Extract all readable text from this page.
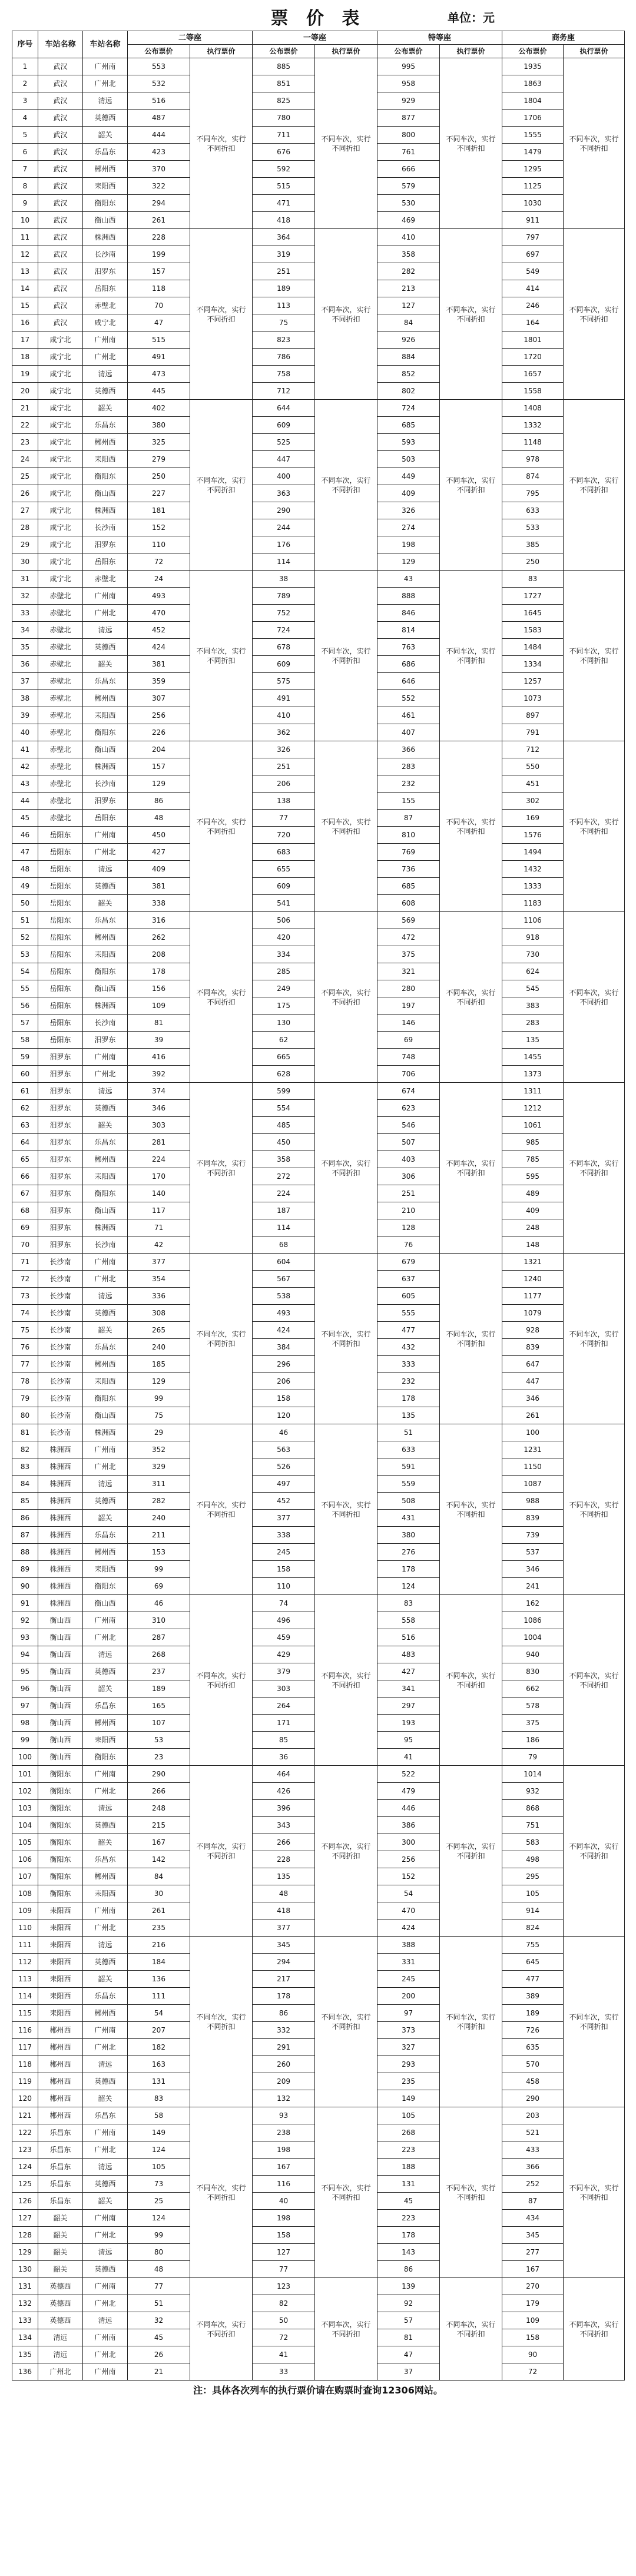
票 价 表	单位：元
序号	车站名称	车站名称	二等座		一等座		特等座		商务座	
			公布票价	执行票价	公布票价	执行票价	公布票价	执行票价	公布票价	执行票价
1	武汉	广州南	553	不同车次，实行不同折扣	885	不同车次，实行不同折扣	995	不同车次，实行不同折扣	1935	不同车次，实行不同折扣
2	武汉	广州北	532		851		958		1863	
3	武汉	清远	516		825		929		1804	
4	武汉	英德西	487		780		877		1706	
5	武汉	韶关	444		711		800		1555	
6	武汉	乐昌东	423		676		761		1479	
7	武汉	郴州西	370		592		666		1295	
8	武汉	耒阳西	322		515		579		1125	
9	武汉	衡阳东	294		471		530		1030	
10	武汉	衡山西	261		418		469		911	
11	武汉	株洲西	228	不同车次，实行不同折扣	364	不同车次，实行不同折扣	410	不同车次，实行不同折扣	797	不同车次，实行不同折扣
12	武汉	长沙南	199		319		358		697	
13	武汉	汨罗东	157		251		282		549	
14	武汉	岳阳东	118		189		213		414	
15	武汉	赤壁北	70		113		127		246	
16	武汉	咸宁北	47		75		84		164	
17	咸宁北	广州南	515		823		926		1801	
18	咸宁北	广州北	491		786		884		1720	
19	咸宁北	清远	473		758		852		1657	
20	咸宁北	英德西	445		712		802		1558	
21	咸宁北	韶关	402	不同车次，实行不同折扣	644	不同车次，实行不同折扣	724	不同车次，实行不同折扣	1408	不同车次，实行不同折扣
22	咸宁北	乐昌东	380		609		685		1332	
23	咸宁北	郴州西	325		525		593		1148	
24	咸宁北	耒阳西	279		447		503		978	
25	咸宁北	衡阳东	250		400		449		874	
26	咸宁北	衡山西	227		363		409		795	
27	咸宁北	株洲西	181		290		326		633	
28	咸宁北	长沙南	152		244		274		533	
29	咸宁北	汨罗东	110		176		198		385	
30	咸宁北	岳阳东	72		114		129		250	
31	咸宁北	赤壁北	24	不同车次，实行不同折扣	38	不同车次，实行不同折扣	43	不同车次，实行不同折扣	83	不同车次，实行不同折扣
32	赤壁北	广州南	493		789		888		1727	
33	赤壁北	广州北	470		752		846		1645	
34	赤壁北	清远	452		724		814		1583	
35	赤壁北	英德西	424		678		763		1484	
36	赤壁北	韶关	381		609		686		1334	
37	赤壁北	乐昌东	359		575		646		1257	
38	赤壁北	郴州西	307		491		552		1073	
39	赤壁北	耒阳西	256		410		461		897	
40	赤壁北	衡阳东	226		362		407		791	
41	赤壁北	衡山西	204	不同车次，实行不同折扣	326	不同车次，实行不同折扣	366	不同车次，实行不同折扣	712	不同车次，实行不同折扣
42	赤壁北	株洲西	157		251		283		550	
43	赤壁北	长沙南	129		206		232		451	
44	赤壁北	汨罗东	86		138		155		302	
45	赤壁北	岳阳东	48		77		87		169	
46	岳阳东	广州南	450		720		810		1576	
47	岳阳东	广州北	427		683		769		1494	
48	岳阳东	清远	409		655		736		1432	
49	岳阳东	英德西	381		609		685		1333	
50	岳阳东	韶关	338		541		608		1183	
51	岳阳东	乐昌东	316	不同车次，实行不同折扣	506	不同车次，实行不同折扣	569	不同车次，实行不同折扣	1106	不同车次，实行不同折扣
52	岳阳东	郴州西	262		420		472		918	
53	岳阳东	耒阳西	208		334		375		730	
54	岳阳东	衡阳东	178		285		321		624	
55	岳阳东	衡山西	156		249		280		545	
56	岳阳东	株洲西	109		175		197		383	
57	岳阳东	长沙南	81		130		146		283	
58	岳阳东	汨罗东	39		62		69		135	
59	汨罗东	广州南	416		665		748		1455	
60	汨罗东	广州北	392		628		706		1373	
61	汨罗东	清远	374	不同车次，实行不同折扣	599	不同车次，实行不同折扣	674	不同车次，实行不同折扣	1311	不同车次，实行不同折扣
62	汨罗东	英德西	346		554		623		1212	
63	汨罗东	韶关	303		485		546		1061	
64	汨罗东	乐昌东	281		450		507		985	
65	汨罗东	郴州西	224		358		403		785	
66	汨罗东	耒阳西	170		272		306		595	
67	汨罗东	衡阳东	140		224		251		489	
68	汨罗东	衡山西	117		187		210		409	
69	汨罗东	株洲西	71		114		128		248	
70	汨罗东	长沙南	42		68		76		148	
71	长沙南	广州南	377	不同车次，实行不同折扣	604	不同车次，实行不同折扣	679	不同车次，实行不同折扣	1321	不同车次，实行不同折扣
72	长沙南	广州北	354		567		637		1240	
73	长沙南	清远	336		538		605		1177	
74	长沙南	英德西	308		493		555		1079	
75	长沙南	韶关	265		424		477		928	
76	长沙南	乐昌东	240		384		432		839	
77	长沙南	郴州西	185		296		333		647	
78	长沙南	耒阳西	129		206		232		447	
79	长沙南	衡阳东	99		158		178		346	
80	长沙南	衡山西	75		120		135		261	
81	长沙南	株洲西	29	不同车次，实行不同折扣	46	不同车次，实行不同折扣	51	不同车次，实行不同折扣	100	不同车次，实行不同折扣
82	株洲西	广州南	352		563		633		1231	
83	株洲西	广州北	329		526		591		1150	
84	株洲西	清远	311		497		559		1087	
85	株洲西	英德西	282		452		508		988	
86	株洲西	韶关	240		377		431		839	
87	株洲西	乐昌东	211		338		380		739	
88	株洲西	郴州西	153		245		276		537	
89	株洲西	耒阳西	99		158		178		346	
90	株洲西	衡阳东	69		110		124		241	
91	株洲西	衡山西	46	不同车次，实行不同折扣	74	不同车次，实行不同折扣	83	不同车次，实行不同折扣	162	不同车次，实行不同折扣
92	衡山西	广州南	310		496		558		1086	
93	衡山西	广州北	287		459		516		1004	
94	衡山西	清远	268		429		483		940	
95	衡山西	英德西	237		379		427		830	
96	衡山西	韶关	189		303		341		662	
97	衡山西	乐昌东	165		264		297		578	
98	衡山西	郴州西	107		171		193		375	
99	衡山西	耒阳西	53		85		95		186	
100	衡山西	衡阳东	23		36		41		79	
101	衡阳东	广州南	290	不同车次，实行不同折扣	464	不同车次，实行不同折扣	522	不同车次，实行不同折扣	1014	不同车次，实行不同折扣
102	衡阳东	广州北	266		426		479		932	
103	衡阳东	清远	248		396		446		868	
104	衡阳东	英德西	215		343		386		751	
105	衡阳东	韶关	167		266		300		583	
106	衡阳东	乐昌东	142		228		256		498	
107	衡阳东	郴州西	84		135		152		295	
108	衡阳东	耒阳西	30		48		54		105	
109	耒阳西	广州南	261		418		470		914	
110	耒阳西	广州北	235		377		424		824	
111	耒阳西	清远	216	不同车次，实行不同折扣	345	不同车次，实行不同折扣	388	不同车次，实行不同折扣	755	不同车次，实行不同折扣
112	耒阳西	英德西	184		294		331		645	
113	耒阳西	韶关	136		217		245		477	
114	耒阳西	乐昌东	111		178		200		389	
115	耒阳西	郴州西	54		86		97		189	
116	郴州西	广州南	207		332		373		726	
117	郴州西	广州北	182		291		327		635	
118	郴州西	清远	163		260		293		570	
119	郴州西	英德西	131		209		235		458	
120	郴州西	韶关	83		132		149		290	
121	郴州西	乐昌东	58	不同车次，实行不同折扣	93	不同车次，实行不同折扣	105	不同车次，实行不同折扣	203	不同车次，实行不同折扣
122	乐昌东	广州南	149		238		268		521	
123	乐昌东	广州北	124		198		223		433	
124	乐昌东	清远	105		167		188		366	
125	乐昌东	英德西	73		116		131		252	
126	乐昌东	韶关	25		40		45		87	
127	韶关	广州南	124		198		223		434	
128	韶关	广州北	99		158		178		345	
129	韶关	清远	80		127		143		277	
130	韶关	英德西	48		77		86		167	
131	英德西	广州南	77	不同车次，实行不同折扣	123	不同车次，实行不同折扣	139	不同车次，实行不同折扣	270	不同车次，实行不同折扣
132	英德西	广州北	51		82		92		179	
133	英德西	清远	32		50		57		109	
134	清远	广州南	45		72		81		158	
135	清远	广州北	26		41		47		90	
136	广州北	广州南	21		33		37		72	
注：具体各次列车的执行票价请在购票时查询12306网站。
